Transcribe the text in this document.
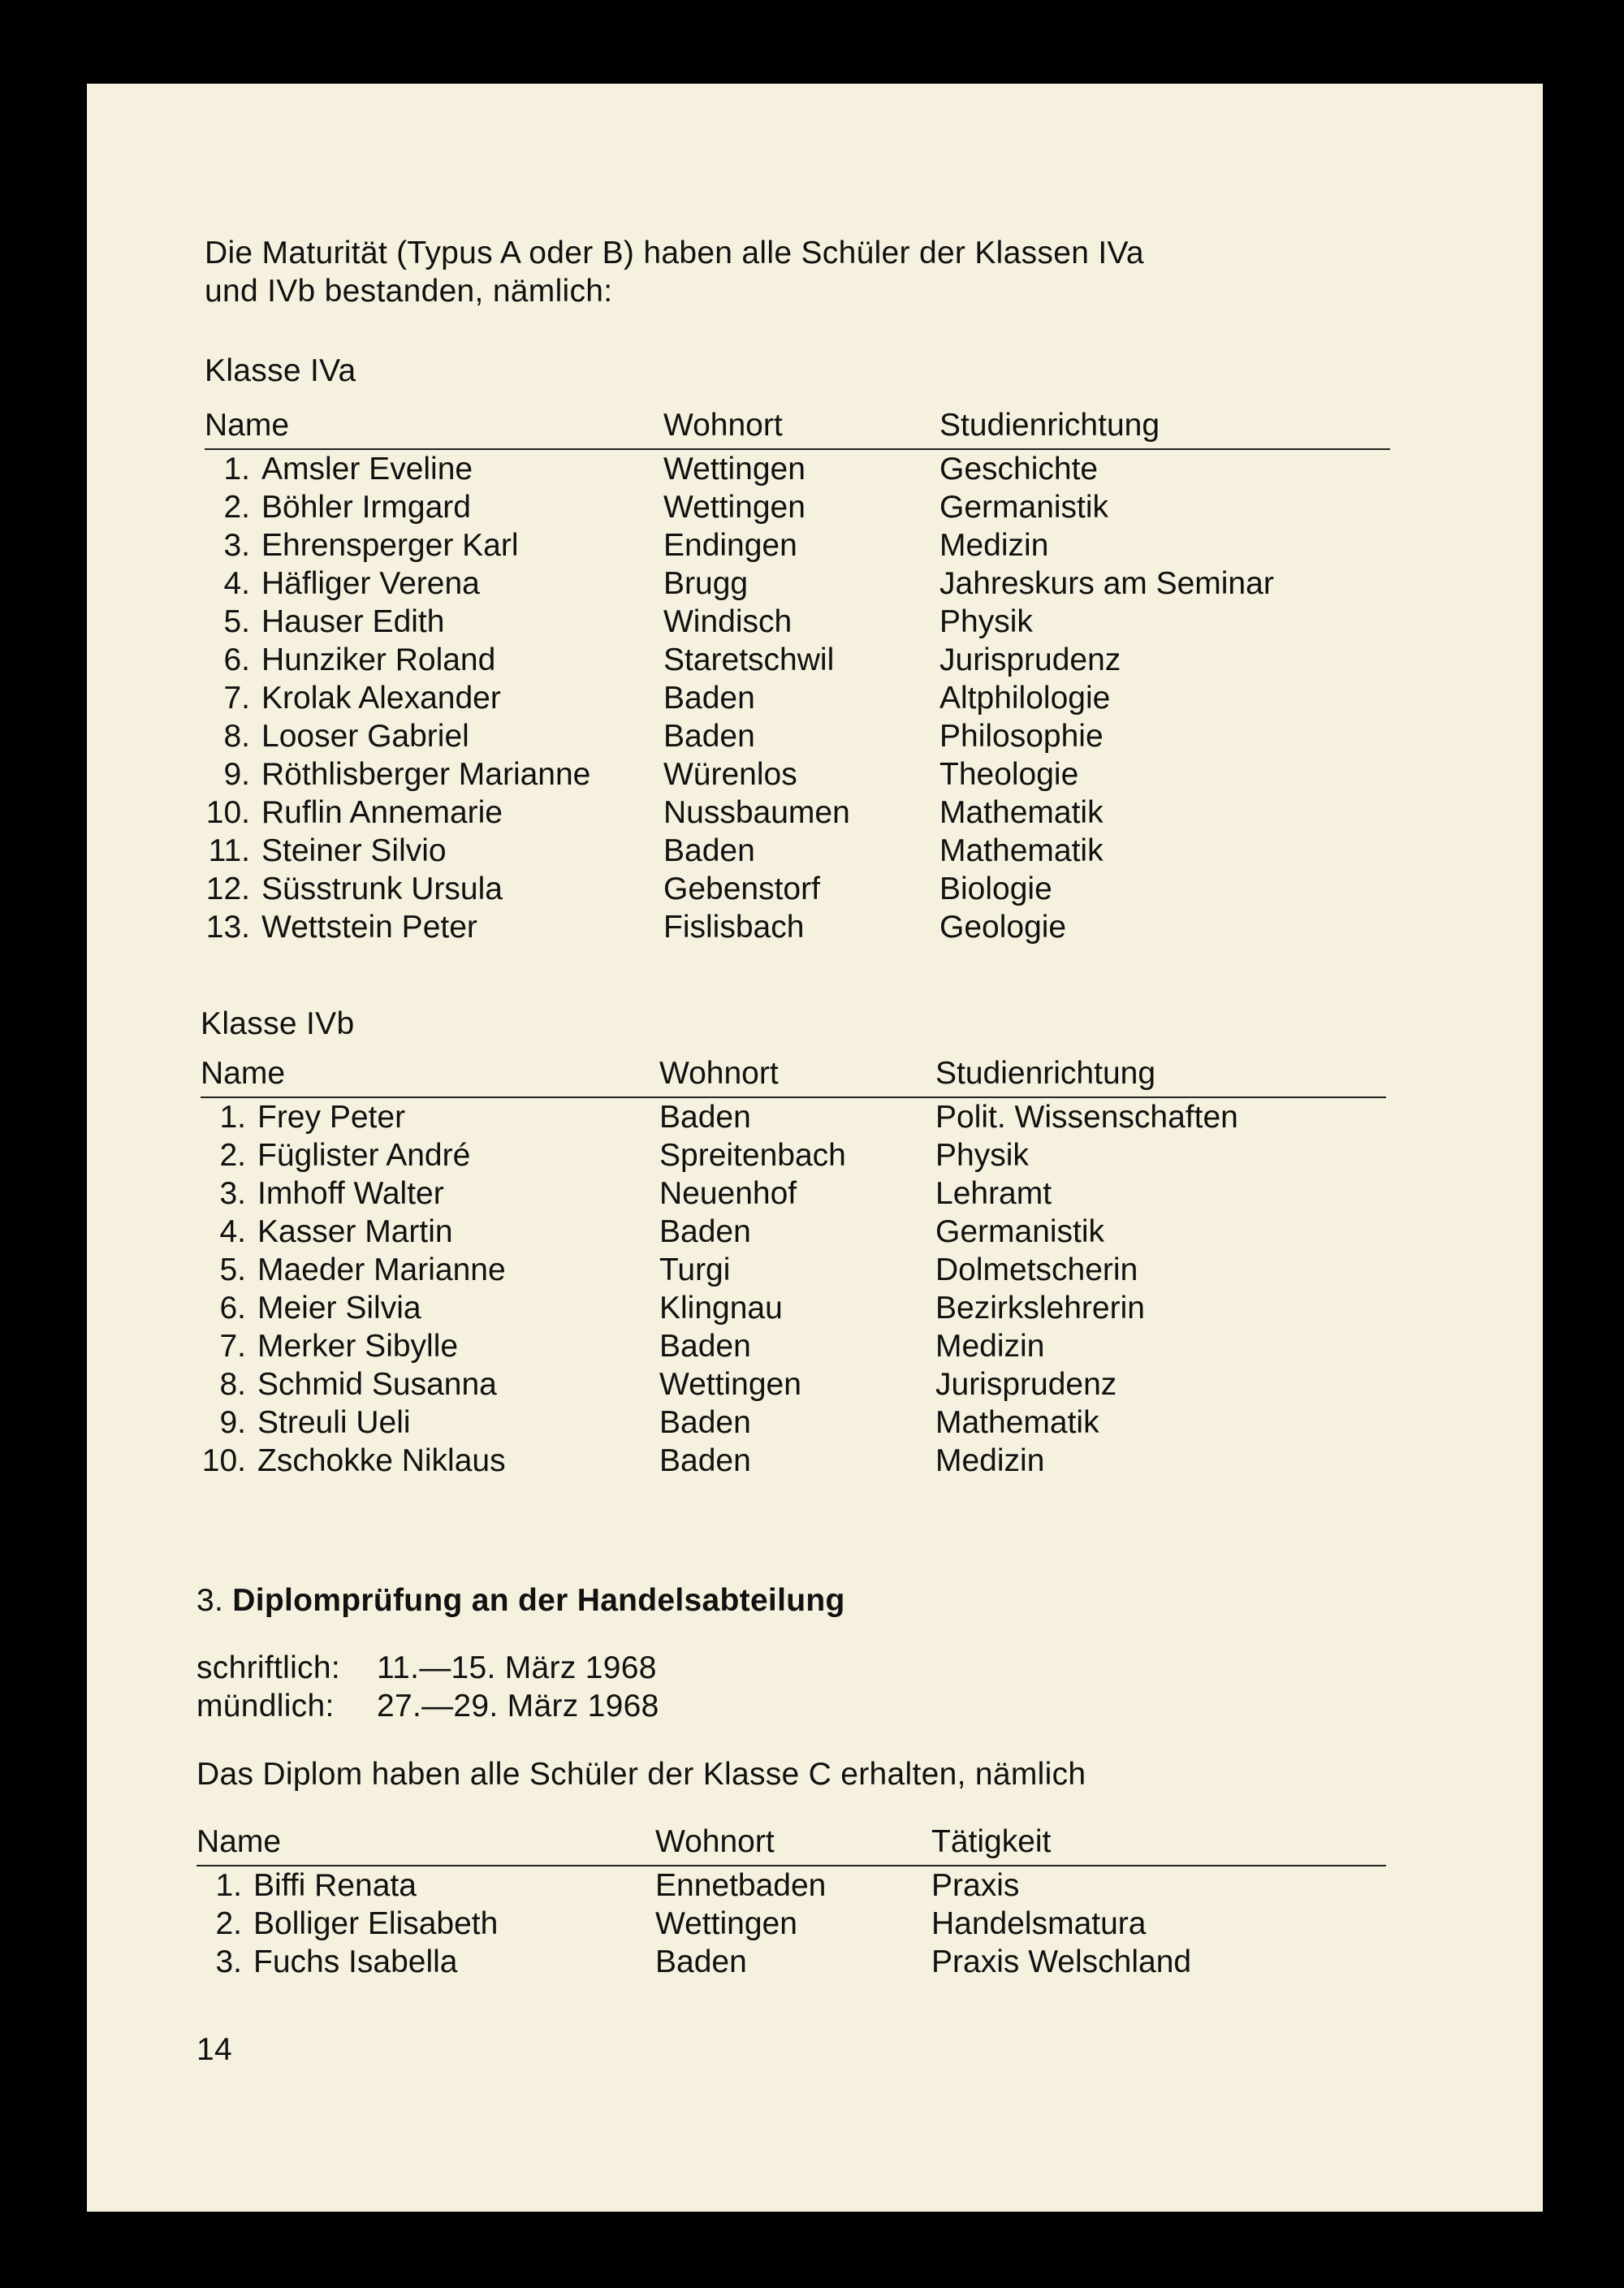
Die Maturität (Typus A oder B) haben alle Schüler der Klassen IVa
und IVb bestanden, nämlich:
Klasse IVa
Name		Wohnort	Studienrichtung
1.	Amsler Eveline	Wettingen	Geschichte
2.	Böhler Irmgard	Wettingen	Germanistik
3.	Ehrensperger Karl	Endingen	Medizin
4.	Häfliger Verena	Brugg	Jahreskurs am Seminar
5.	Hauser Edith	Windisch	Physik
6.	Hunziker Roland	Staretschwil	Jurisprudenz
7.	Krolak Alexander	Baden	Altphilologie
8.	Looser Gabriel	Baden	Philosophie
9.	Röthlisberger Marianne	Würenlos	Theologie
10.	Ruflin Annemarie	Nussbaumen	Mathematik
11.	Steiner Silvio	Baden	Mathematik
12.	Süsstrunk Ursula	Gebenstorf	Biologie
13.	Wettstein Peter	Fislisbach	Geologie
Klasse IVb
Name		Wohnort	Studienrichtung
1.	Frey Peter	Baden	Polit. Wissenschaften
2.	Füglister André	Spreitenbach	Physik
3.	Imhoff Walter	Neuenhof	Lehramt
4.	Kasser Martin	Baden	Germanistik
5.	Maeder Marianne	Turgi	Dolmetscherin
6.	Meier Silvia	Klingnau	Bezirkslehrerin
7.	Merker Sibylle	Baden	Medizin
8.	Schmid Susanna	Wettingen	Jurisprudenz
9.	Streuli Ueli	Baden	Mathematik
10.	Zschokke Niklaus	Baden	Medizin
3. Diplomprüfung an der Handelsabteilung
schriftlich: 11.—15. März 1968
mündlich: 27.—29. März 1968
Das Diplom haben alle Schüler der Klasse C erhalten, nämlich
Name		Wohnort	Tätigkeit
1.	Biffi Renata	Ennetbaden	Praxis
2.	Bolliger Elisabeth	Wettingen	Handelsmatura
3.	Fuchs Isabella	Baden	Praxis Welschland
14
